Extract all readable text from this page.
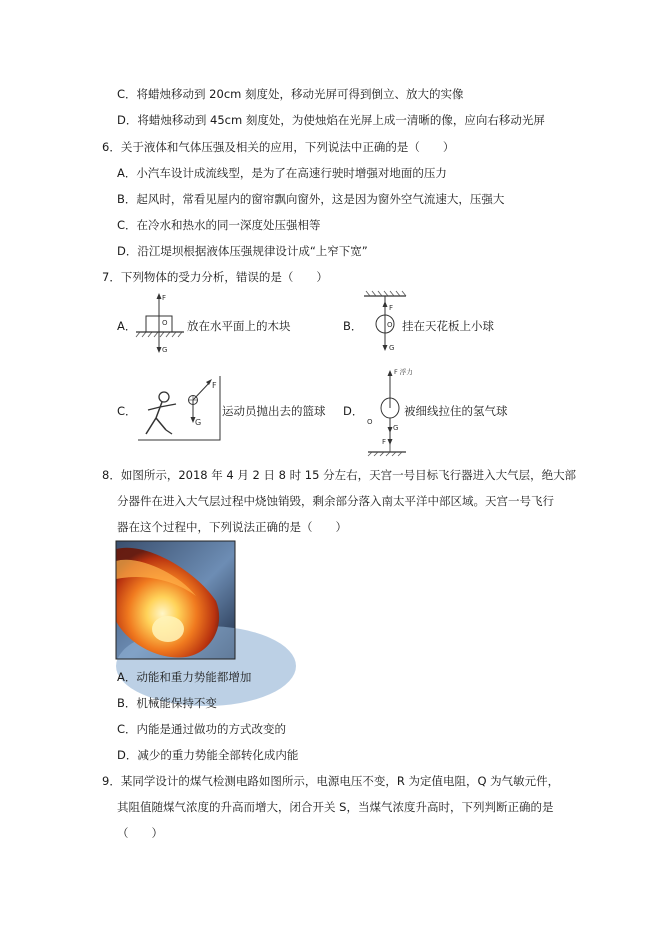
C．将蜡烛移动到 20cm 刻度处，移动光屏可得到倒立、放大的实像
D．将蜡烛移动到 45cm 刻度处，为使烛焰在光屏上成一清晰的像，应向右移动光屏
6．关于液体和气体压强及相关的应用，下列说法中正确的是（　　）
A．小汽车设计成流线型，是为了在高速行驶时增强对地面的压力
B．起风时，常看见屋内的窗帘飘向窗外，这是因为窗外空气流速大，压强大
C．在冷水和热水的同一深度处压强相等
D．沿江堤坝根据液体压强规律设计成“上窄下宽”
7．下列物体的受力分析，错误的是（　　）
A．
F
O
G
放在水平面上的木块	B．
F
O
G
挂在天花板上小球
C．
F
G
运动员抛出去的篮球 D．
F 浮力
O
G
F
被细线拉住的氢气球
8．如图所示，2018 年 4 月 2 日 8 时 15 分左右，天宫一号目标飞行器进入大气层，绝大部
分器件在进入大气层过程中烧蚀销毁，剩余部分落入南太平洋中部区域。天宫一号飞行
器在这个过程中，下列说法正确的是（　　）
A．动能和重力势能都增加
B．机械能保持不变
C．内能是通过做功的方式改变的
D．减少的重力势能全部转化成内能
9．某同学设计的煤气检测电路如图所示，电源电压不变，R 为定值电阻，Q 为气敏元件，
其阻值随煤气浓度的升高而增大，闭合开关 S，当煤气浓度升高时，下列判断正确的是
（　　）
